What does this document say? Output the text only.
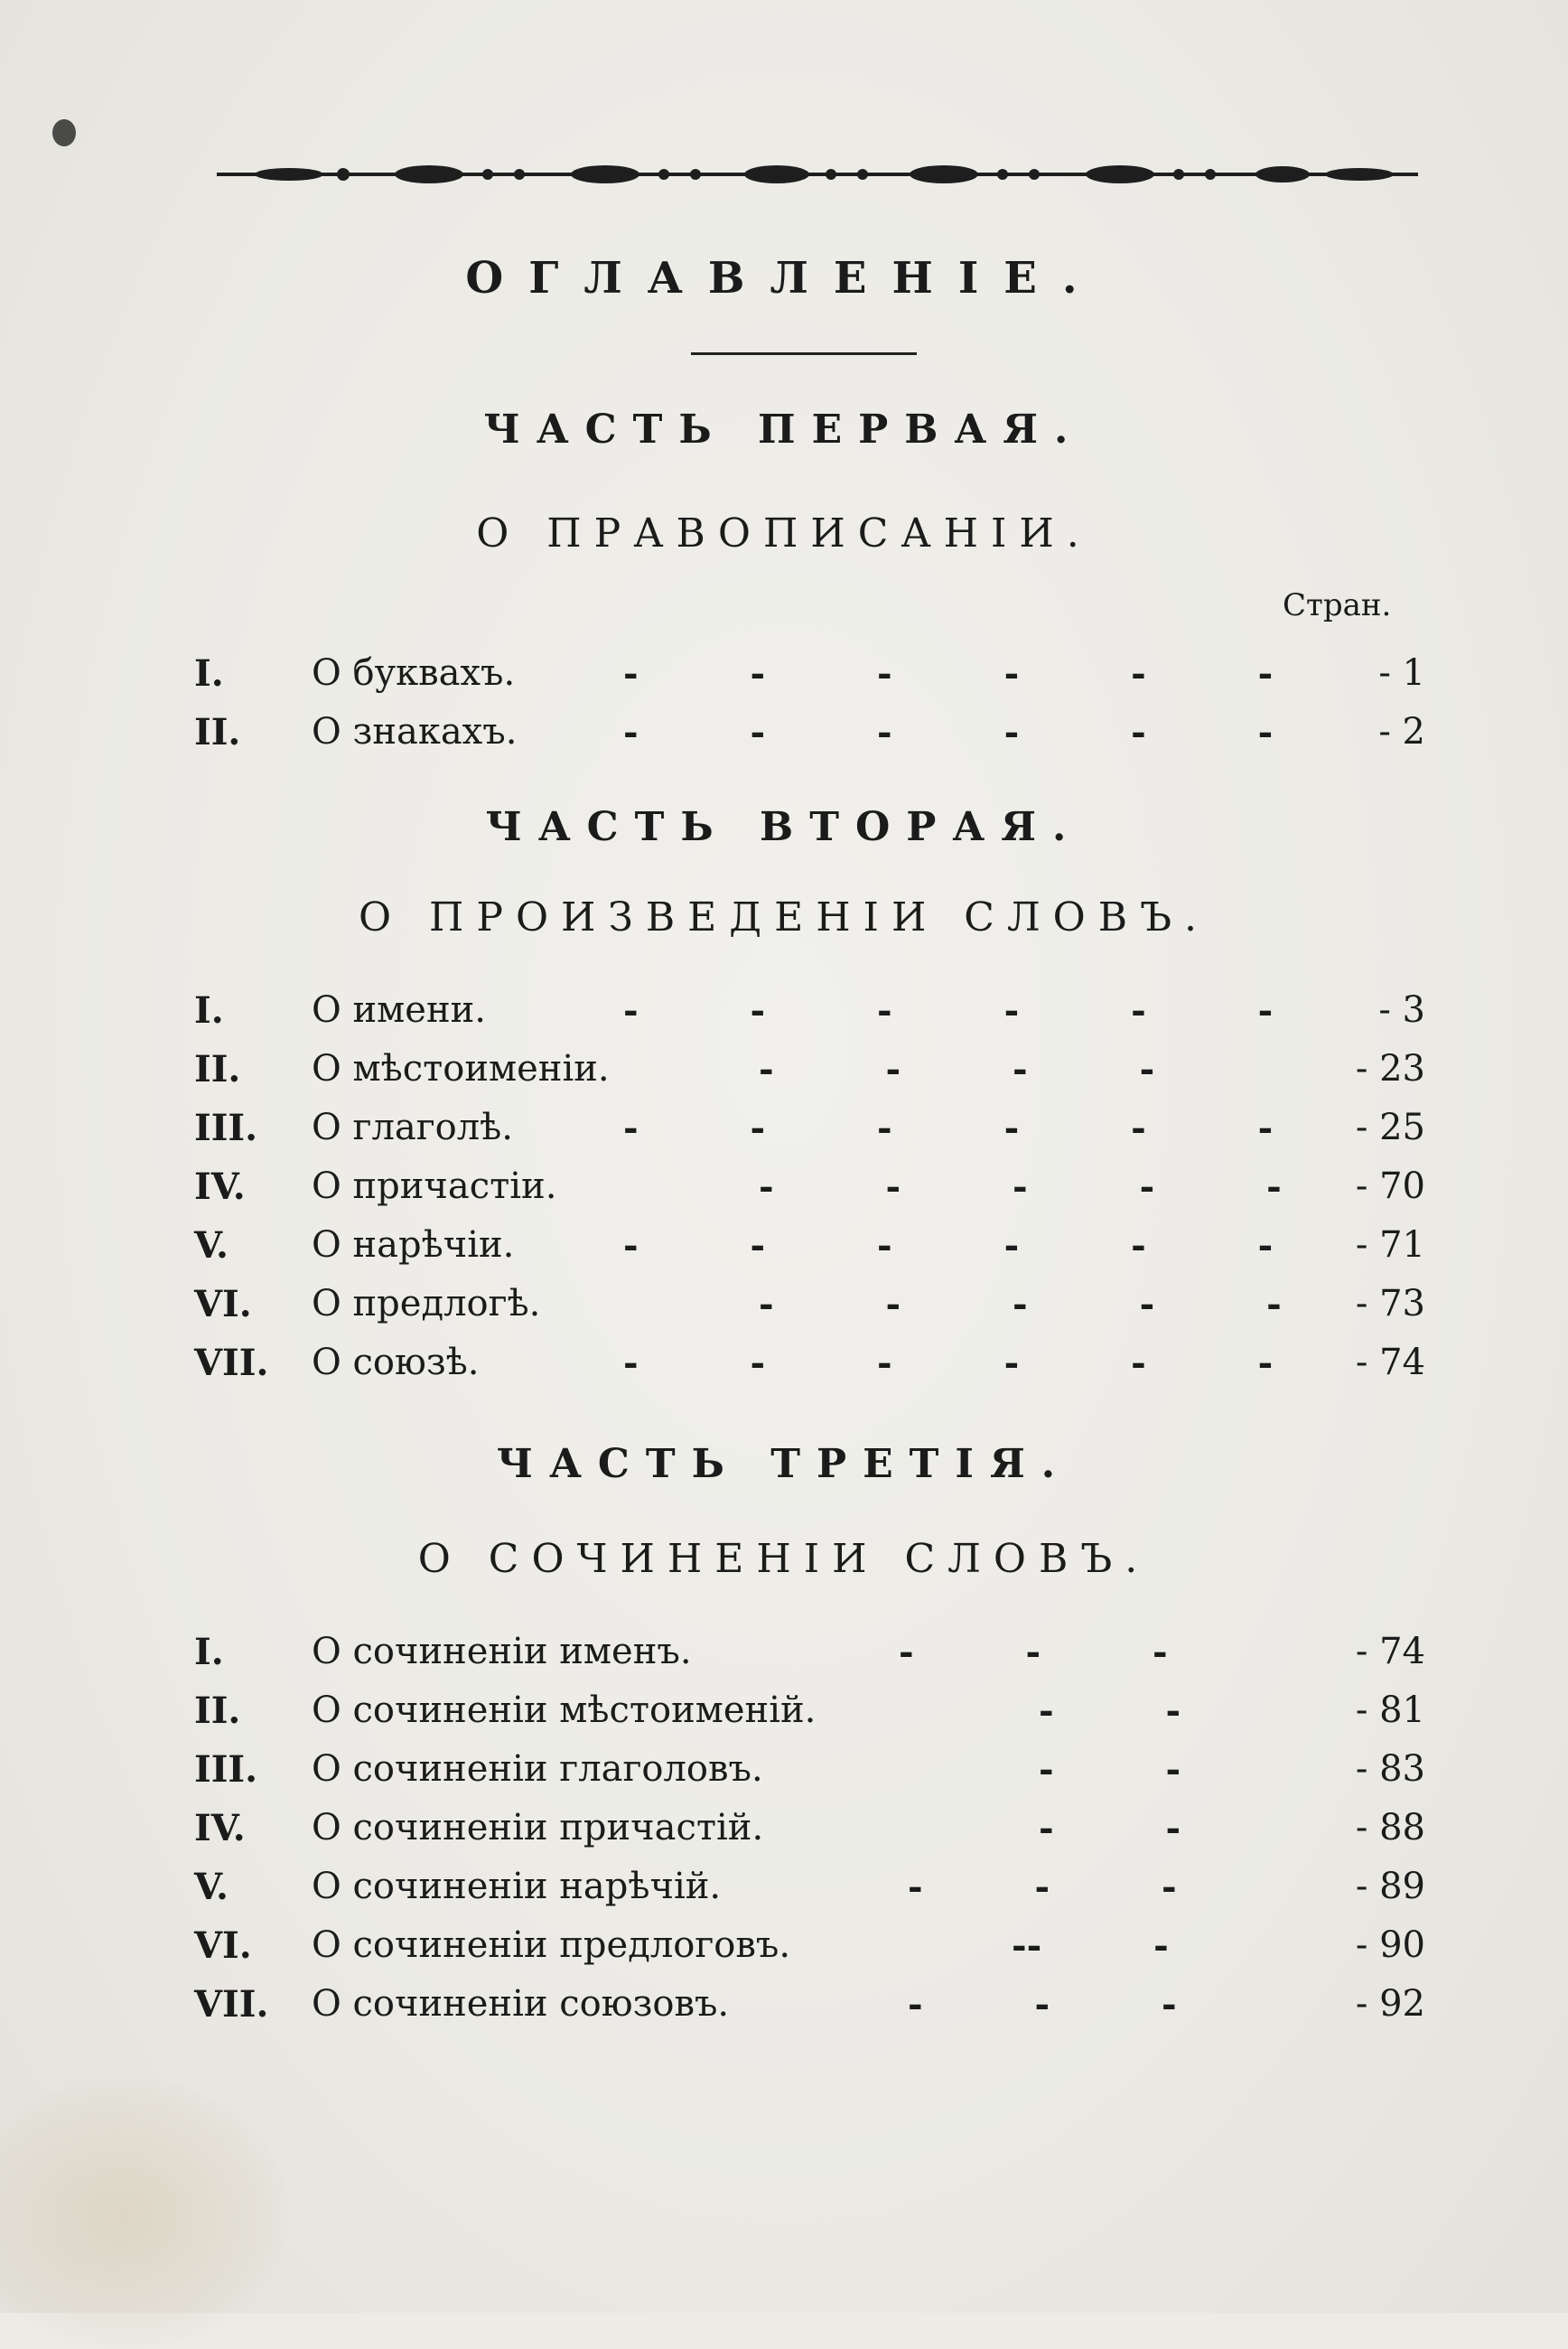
ОГЛАВЛЕНІЕ.
ЧАСТЬ ПЕРВАЯ.
О ПРАВОПИСАНІИ.
Стран.
I. О буквахъ.	- - - - - -	- 1
II. О знакахъ.	- - - - - -	- 2
ЧАСТЬ ВТОРАЯ.
О ПРОИЗВЕДЕНІИ СЛОВЪ.
I. О имени.	- - - - - -	- 3
II. О мѣстоименіи.	- - - -	- 23
III. О глаголѣ.	- - - - - - - 25
IV. О причастіи.	- - - - - - 70
V. О нарѣчіи.	- - - - - - - 71
VI. О предлогѣ.	- - - - - - 73
VII. О союзѣ.	- - - - - - - 74
ЧАСТЬ ТРЕТІЯ.
О СОЧИНЕНІИ СЛОВЪ.
I. О сочиненіи именъ.	- - -	- 74
II. О сочиненіи мѣстоименій.	- -	- 81
III. О сочиненіи глаголовъ.	- -	- 83
IV. О сочиненіи причастій.	- -	- 88
V. О сочиненіи нарѣчій.	- - -	- 89
VI. О сочиненіи предлоговъ.	-- -	- 90
VII. О сочиненіи союзовъ.	- - -	- 92
